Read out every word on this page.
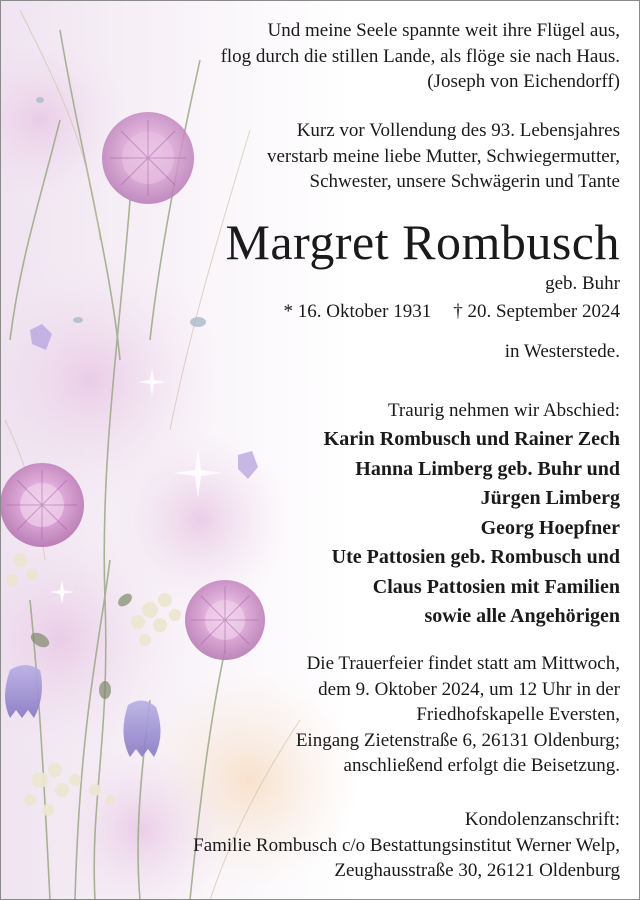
Und meine Seele spannte weit ihre Flügel aus,
flog durch die stillen Lande, als flöge sie nach Haus.
(Joseph von Eichendorff)
Kurz vor Vollendung des 93. Lebensjahres
verstarb meine liebe Mutter, Schwiegermutter,
Schwester, unsere Schwägerin und Tante
Margret Rombusch
geb. Buhr
* 16. Oktober 1931 † 20. September 2024
in Westerstede.
Traurig nehmen wir Abschied:
Karin Rombusch und Rainer Zech
Hanna Limberg geb. Buhr und
Jürgen Limberg
Georg Hoepfner
Ute Pattosien geb. Rombusch und
Claus Pattosien mit Familien
sowie alle Angehörigen
Die Trauerfeier findet statt am Mittwoch,
dem 9. Oktober 2024, um 12 Uhr in der
Friedhofskapelle Eversten,
Eingang Zietenstraße 6, 26131 Oldenburg;
anschließend erfolgt die Beisetzung.
Kondolenzanschrift:
Familie Rombusch c/o Bestattungsinstitut Werner Welp,
Zeughausstraße 30, 26121 Oldenburg
